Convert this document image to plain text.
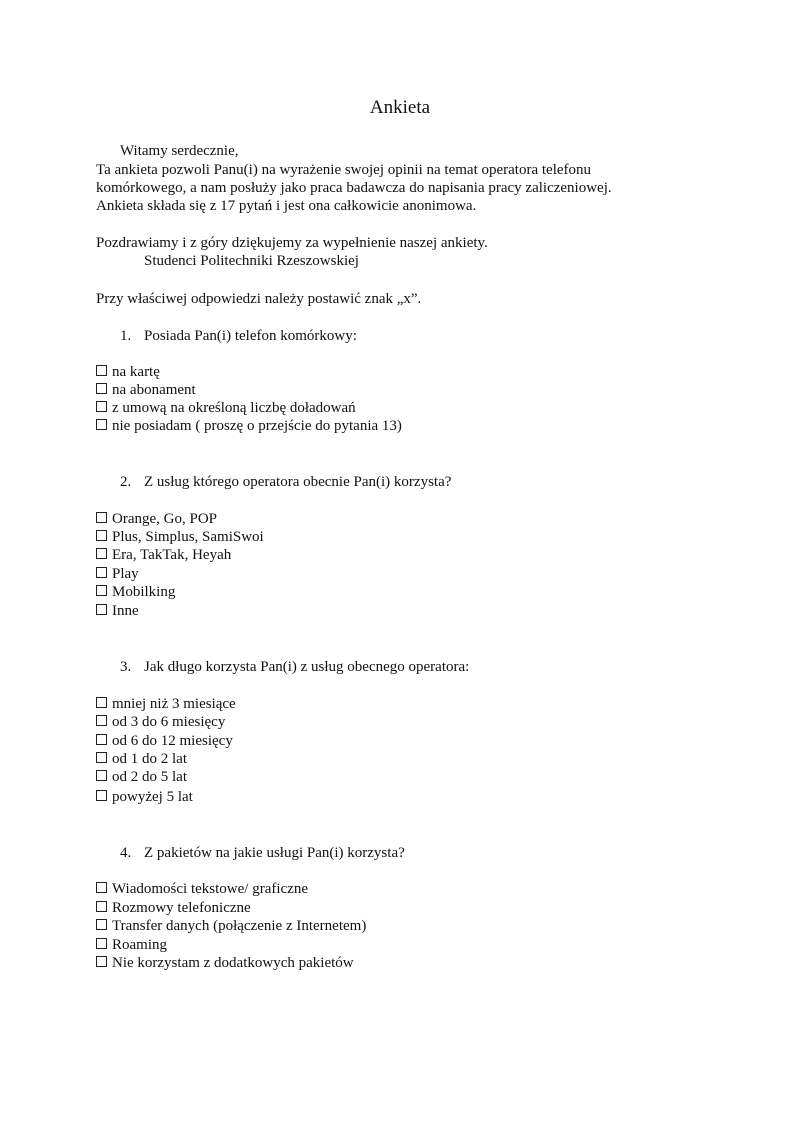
Ankieta
Witamy serdecznie,
Ta ankieta pozwoli Panu(i) na wyrażenie swojej opinii na temat operatora telefonu
komórkowego, a nam posłuży jako praca badawcza do napisania pracy zaliczeniowej.
Ankieta składa się z 17 pytań i jest ona całkowicie anonimowa.
Pozdrawiamy i z góry dziękujemy za wypełnienie naszej ankiety.
Studenci Politechniki Rzeszowskiej
Przy właściwej odpowiedzi należy postawić znak „x”.
1. Posiada Pan(i) telefon komórkowy:
na kartę
na abonament
z umową na określoną liczbę doładowań
nie posiadam ( proszę o przejście do pytania 13)
2. Z usług którego operatora obecnie Pan(i) korzysta?
Orange, Go, POP
Plus, Simplus, SamiSwoi
Era, TakTak, Heyah
Play
Mobilking
Inne
3. Jak długo korzysta Pan(i) z usług obecnego operatora:
mniej niż 3 miesiące
od 3 do 6 miesięcy
od 6 do 12 miesięcy
od 1 do 2 lat
od 2 do 5 lat
powyżej 5 lat
4. Z pakietów na jakie usługi Pan(i) korzysta?
Wiadomości tekstowe/ graficzne
Rozmowy telefoniczne
Transfer danych (połączenie z Internetem)
Roaming
Nie korzystam z dodatkowych pakietów
